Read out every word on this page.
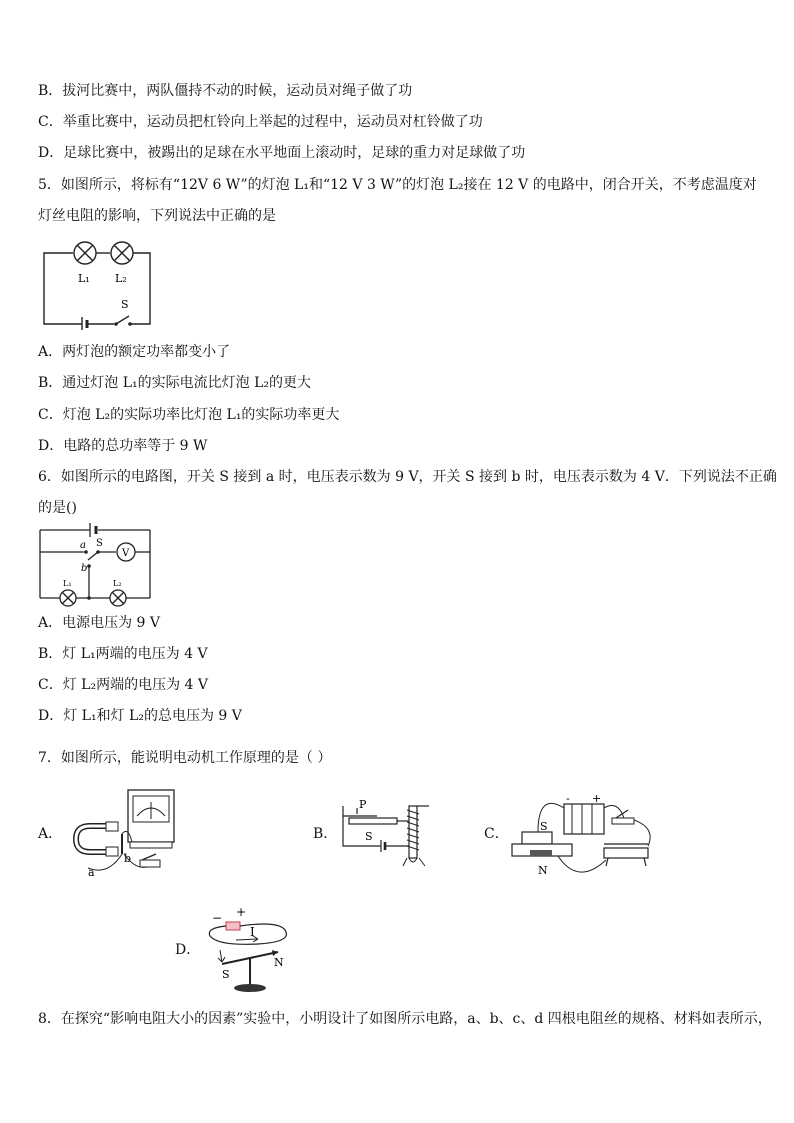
B．拔河比赛中，两队僵持不动的时候，运动员对绳子做了功
C．举重比赛中，运动员把杠铃向上举起的过程中，运动员对杠铃做了功
D．足球比赛中，被踢出的足球在水平地面上滚动时，足球的重力对足球做了功
5．如图所示，将标有“12V 6 W”的灯泡 L₁和“12 V 3 W”的灯泡 L₂接在 12 V 的电路中，闭合开关，不考虑温度对
灯丝电阻的影响，下列说法中正确的是
L₁ L₂
S
A．两灯泡的额定功率都变小了
B．通过灯泡 L₁的实际电流比灯泡 L₂的更大
C．灯泡 L₂的实际功率比灯泡 L₁的实际功率更大
D．电路的总功率等于 9 W
6．如图所示的电路图，开关 S 接到 a 时，电压表示数为 9 V，开关 S 接到 b 时，电压表示数为 4 V．下列说法不正确
的是()
a S
V
b
L₁	L₂
A．电源电压为 9 V
B．灯 L₁两端的电压为 4 V
C．灯 L₂两端的电压为 4 V
D．灯 L₁和灯 L₂的总电压为 9 V
7．如图所示，能说明电动机工作原理的是（ ）
A．
b
a
B．
P
S	C．
- +
S
N
D．
− +
I
S
N
8．在探究“影响电阻大小的因素”实验中，小明设计了如图所示电路，a、b、c、d 四根电阻丝的规格、材料如表所示，
